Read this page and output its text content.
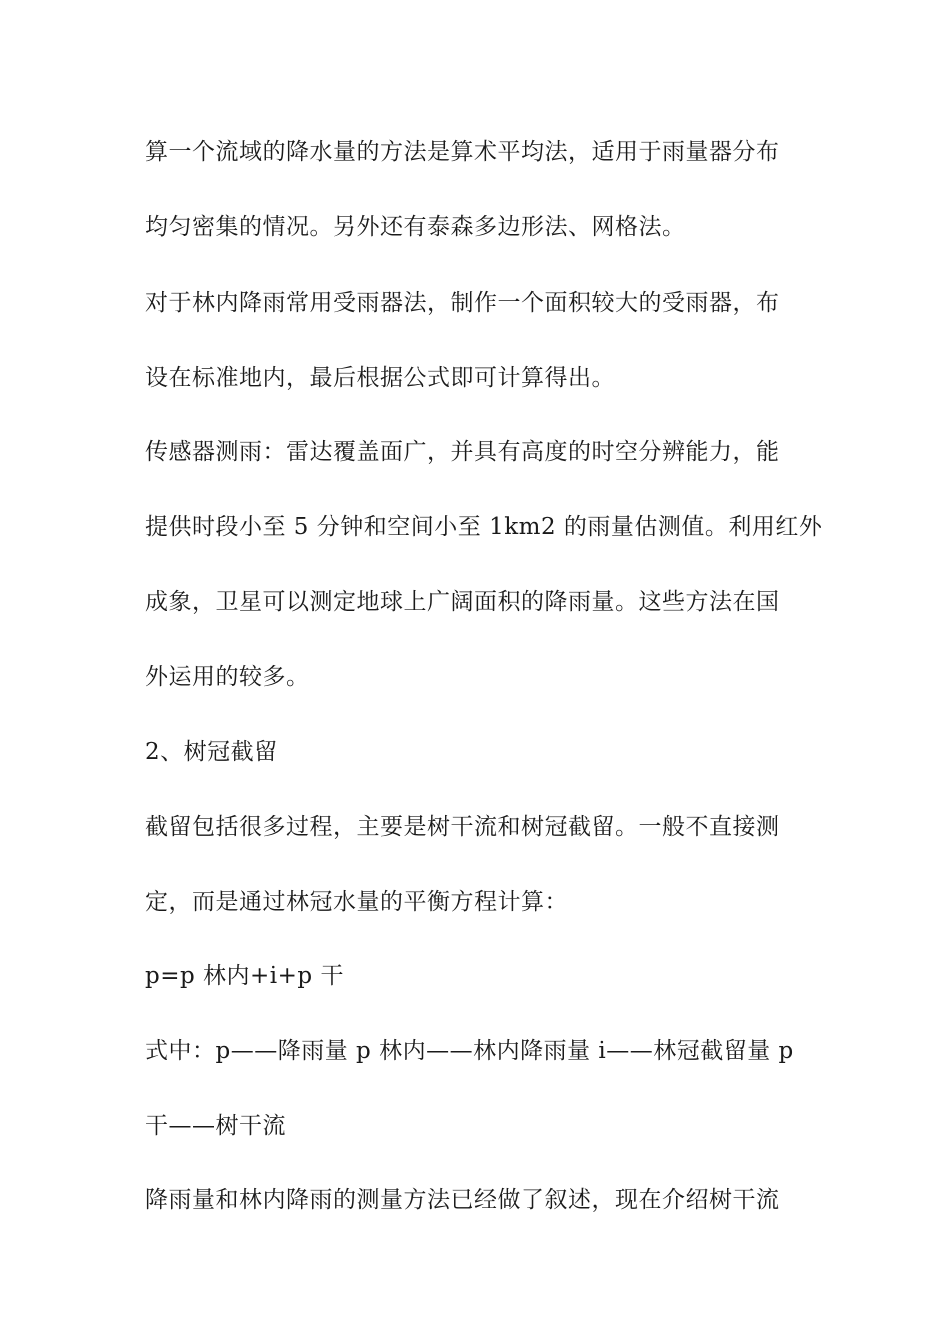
算一个流域的降水量的方法是算术平均法，适用于雨量器分布
均匀密集的情况。另外还有泰森多边形法、网格法。
对于林内降雨常用受雨器法，制作一个面积较大的受雨器，布
设在标准地内，最后根据公式即可计算得出。
传感器测雨：雷达覆盖面广，并具有高度的时空分辨能力，能
提供时段小至 5 分钟和空间小至 1km2 的雨量估测值。利用红外
成象，卫星可以测定地球上广阔面积的降雨量。这些方法在国
外运用的较多。
2、树冠截留
截留包括很多过程，主要是树干流和树冠截留。一般不直接测
定，而是通过林冠水量的平衡方程计算：
p=p 林内+i+p 干
式中：p——降雨量 p 林内——林内降雨量 i——林冠截留量 p
干——树干流
降雨量和林内降雨的测量方法已经做了叙述，现在介绍树干流
